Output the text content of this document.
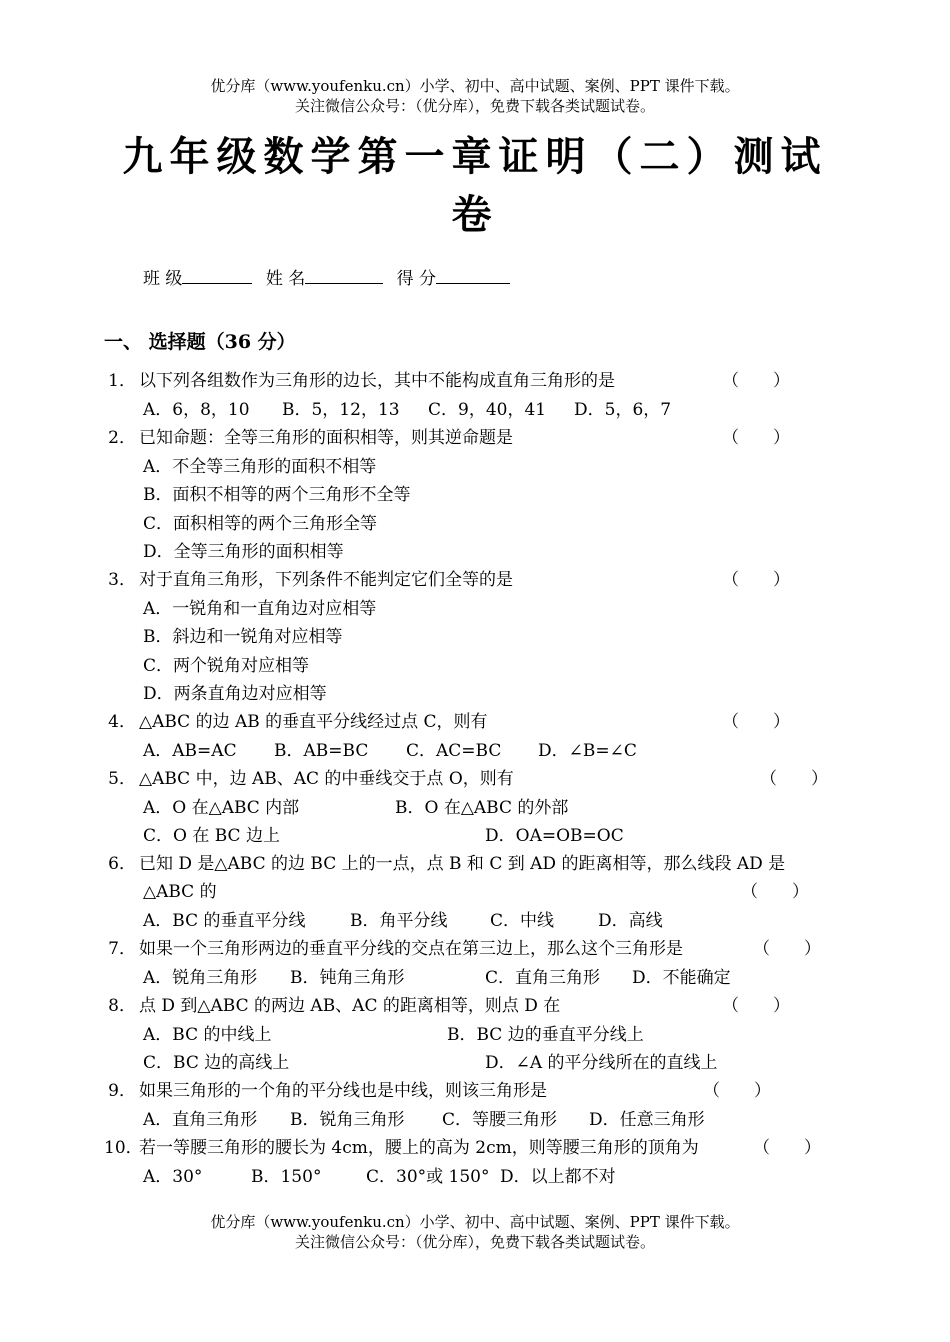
优分库（www.youfenku.cn）小学、初中、高中试题、案例、PPT 课件下载。
关注微信公众号：（优分库），免费下载各类试题试卷。
九年级数学第一章证明（二）测试
卷
班 级	姓 名	得 分
一、 选择题（36 分）
1． 以下列各组数作为三角形的边长，其中不能构成直角三角形的是	（　　）
A．6，8，10 B．5，12，13 C．9，40，41 D．5，6，7
2． 已知命题：全等三角形的面积相等，则其逆命题是	（　　）
A．不全等三角形的面积不相等
B．面积不相等的两个三角形不全等
C．面积相等的两个三角形全等
D．全等三角形的面积相等
3． 对于直角三角形，下列条件不能判定它们全等的是	（　　）
A．一锐角和一直角边对应相等
B．斜边和一锐角对应相等
C．两个锐角对应相等
D．两条直角边对应相等
4． △ABC 的边 AB 的垂直平分线经过点 C，则有	（　　）
A．AB=AC B．AB=BC C．AC=BC D．∠B=∠C
5． △ABC 中，边 AB、AC 的中垂线交于点 O，则有	（　　）
A．O 在△ABC 内部	B．O 在△ABC 的外部
C．O 在 BC 边上	D．OA=OB=OC
6． 已知 D 是△ABC 的边 BC 上的一点，点 B 和 C 到 AD 的距离相等，那么线段 AD 是
△ABC 的	（　　）
A．BC 的垂直平分线	B．角平分线	C．中线	D．高线
7． 如果一个三角形两边的垂直平分线的交点在第三边上，那么这个三角形是	（　　）
A．锐角三角形 B．钝角三角形	C．直角三角形 D．不能确定
8． 点 D 到△ABC 的两边 AB、AC 的距离相等，则点 D 在	（　　）
A．BC 的中线上	B．BC 边的垂直平分线上
C．BC 边的高线上	D．∠A 的平分线所在的直线上
9． 如果三角形的一个角的平分线也是中线，则该三角形是	（　　）
A．直角三角形 B．锐角三角形 C．等腰三角形 D．任意三角形
10．若一等腰三角形的腰长为 4cm，腰上的高为 2cm，则等腰三角形的顶角为	（　　）
A．30°	B．150°	C．30°或 150° D．以上都不对
优分库（www.youfenku.cn）小学、初中、高中试题、案例、PPT 课件下载。
关注微信公众号：（优分库），免费下载各类试题试卷。
